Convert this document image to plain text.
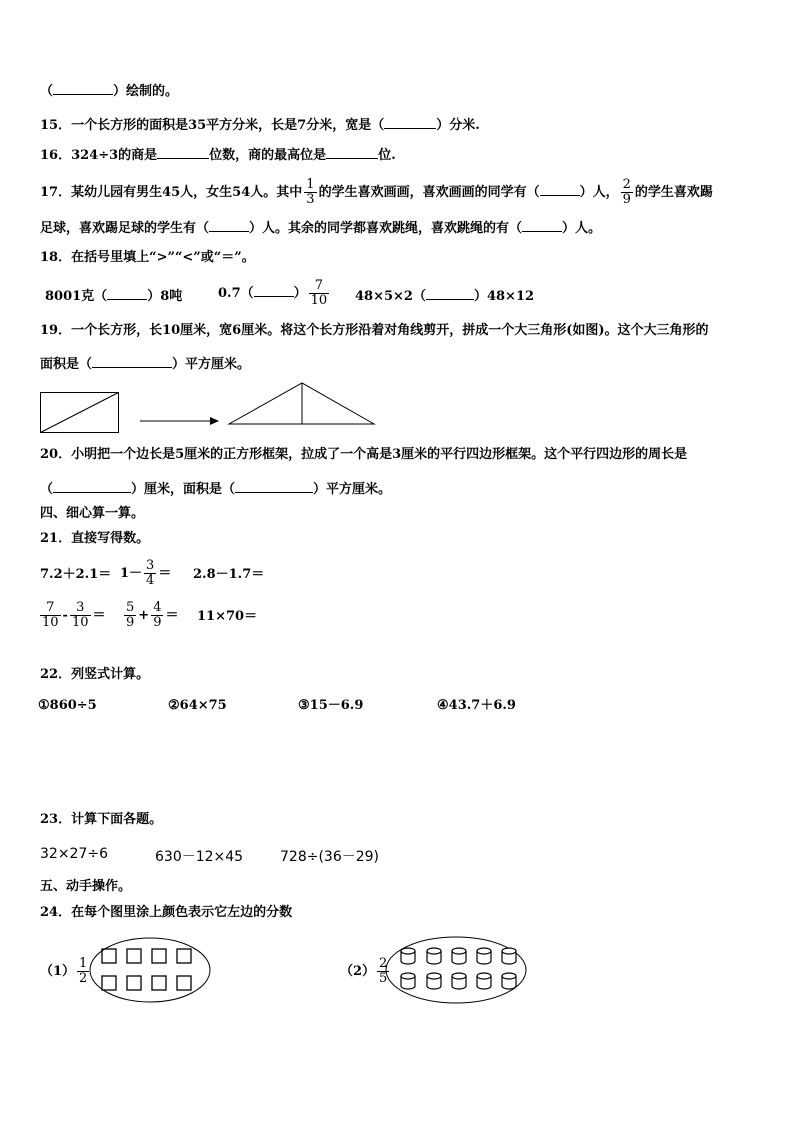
（	）绘制的。
15．一个长方形的面积是35平方分米，长是7分米，宽是（	）分米.
16．324÷3的商是	位数，商的最高位是	位.
17．某幼儿园有男生45人，女生54人。其中 $\frac{1}{3}$ 的学生喜欢画画，喜欢画画的同学有（	）人， $\frac{2}{9}$ 的学生喜欢踢
足球，喜欢踢足球的学生有（	）人。其余的同学都喜欢跳绳，喜欢跳绳的有（	）人。
18．在括号里填上“>”“<”或“＝”。
8001克（	）8吨	0.7（	） $\frac{7}{10} 48\times 5\times 2$（	）48×12
19．一个长方形，长10厘米，宽6厘米。将这个长方形沿着对角线剪开，拼成一个大三角形(如图)。这个大三角形的
面积是（	）平方厘米。
20．小明把一个边长是5厘米的正方形框架，拉成了一个高是3厘米的平行四边形框架。这个平行四边形的周长是
（	）厘米，面积是（	）平方厘米。
四、细心算一算。
21．直接写得数。
$7.2+2.1= 1- \frac{3}{4} = 2.8-1.7=$
$\frac{7}{10} - \frac{3}{10} = \frac{5}{9} + \frac{4}{9} = 11\times 70=$
22．列竖式计算。
①860÷5	②64×75	③15－6.9	④43.7＋6.9
23．计算下面各题。
32×27÷6	630－12×45	728÷(36－29)
五、动手操作。
24．在每个图里涂上颜色表示它左边的分数
$(1) \frac{1}{2}$	$(2) \frac{2}{5}$
